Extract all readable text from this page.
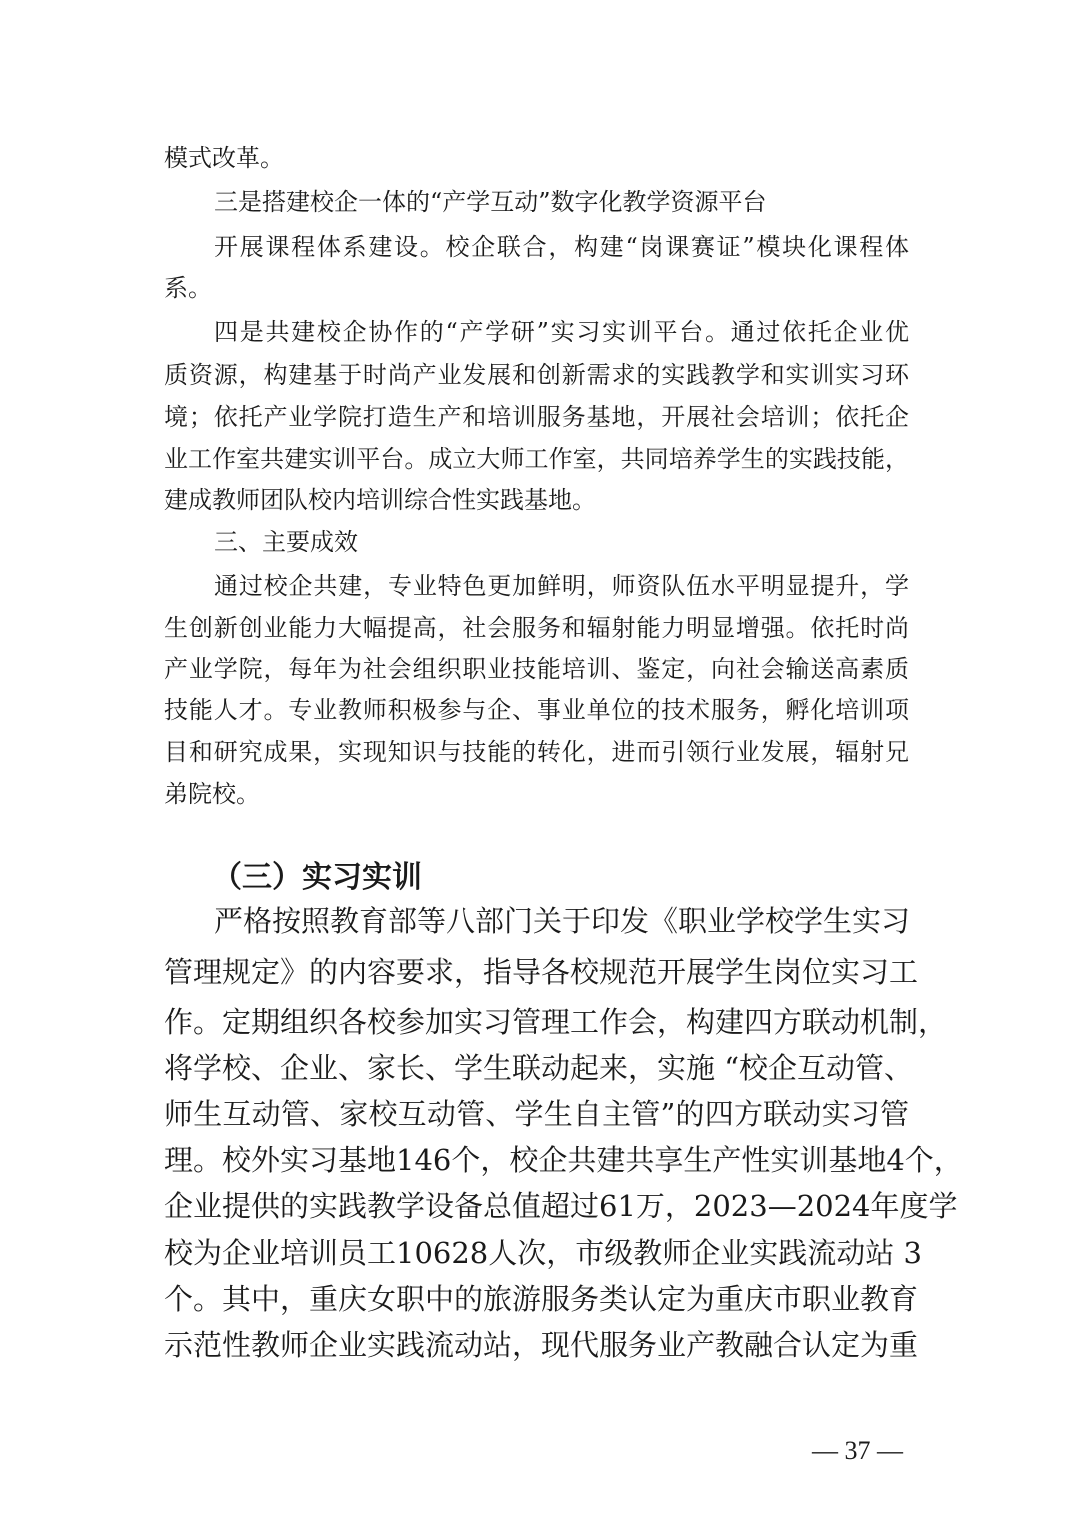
模式改革。
三是搭建校企一体的“产学互动”数字化教学资源平台
开展课程体系建设。校企联合，构建“岗课赛证”模块化课程体
系。
四是共建校企协作的“产学研”实习实训平台。通过依托企业优
质资源，构建基于时尚产业发展和创新需求的实践教学和实训实习环
境；依托产业学院打造生产和培训服务基地，开展社会培训；依托企
业工作室共建实训平台。成立大师工作室，共同培养学生的实践技能，
建成教师团队校内培训综合性实践基地。
三、主要成效
通过校企共建，专业特色更加鲜明，师资队伍水平明显提升，学
生创新创业能力大幅提高，社会服务和辐射能力明显增强。依托时尚
产业学院，每年为社会组织职业技能培训、鉴定，向社会输送高素质
技能人才。专业教师积极参与企、事业单位的技术服务，孵化培训项
目和研究成果，实现知识与技能的转化，进而引领行业发展，辐射兄
弟院校。
（三）实习实训
严格按照教育部等八部门关于印发《职业学校学生实习
管理规定》的内容要求，指导各校规范开展学生岗位实习工
作。定期组织各校参加实习管理工作会，构建四方联动机制，
将学校、企业、家长、学生联动起来，实施 “校企互动管、
师生互动管、家校互动管、学生自主管”的四方联动实习管
理。校外实习基地146个，校企共建共享生产性实训基地4个，
企业提供的实践教学设备总值超过61万，2023—2024年度学
校为企业培训员工10628人次，市级教师企业实践流动站 3
个。其中，重庆女职中的旅游服务类认定为重庆市职业教育
示范性教师企业实践流动站，现代服务业产教融合认定为重
— 37 —
